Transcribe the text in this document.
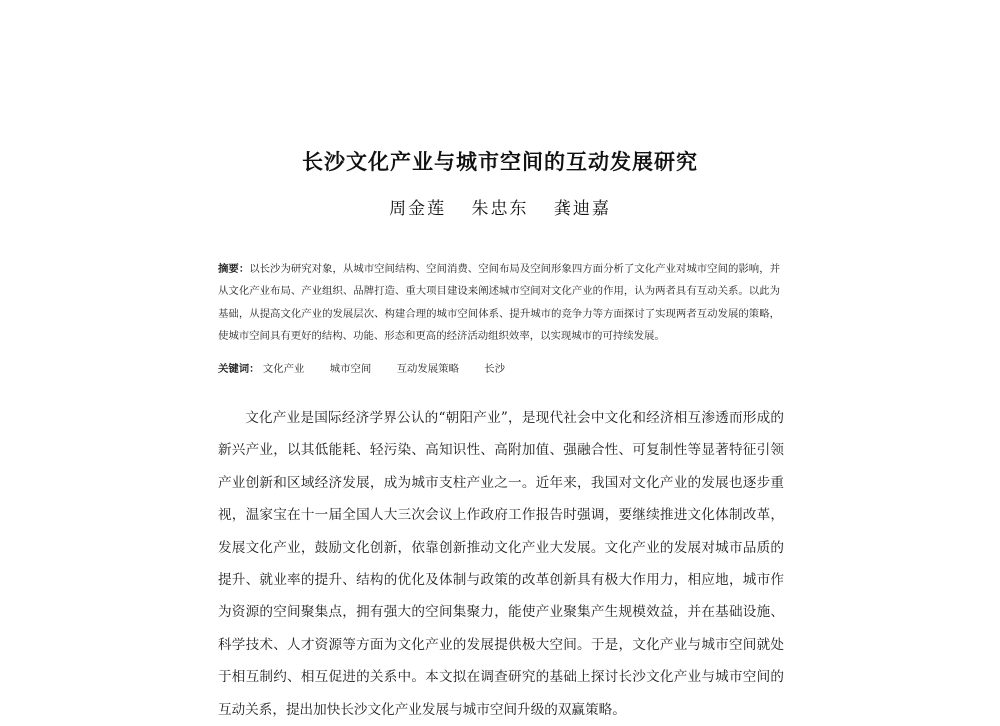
长沙文化产业与城市空间的互动发展研究
周金莲 朱忠东 龚迪嘉
摘要：以长沙为研究对象，从城市空间结构、空间消费、空间布局及空间形象四方面分析了文化产业对城市空间的影响，并从文化产业布局、产业组织、品牌打造、重大项目建设来阐述城市空间对文化产业的作用，认为两者具有互动关系。以此为基础，从提高文化产业的发展层次、构建合理的城市空间体系、提升城市的竞争力等方面探讨了实现两者互动发展的策略，使城市空间具有更好的结构、功能、形态和更高的经济活动组织效率，以实现城市的可持续发展。
关键词： 文化产业 城市空间 互动发展策略 长沙

文化产业是国际经济学界公认的“朝阳产业”，是现代社会中文化和经济相互渗透而形成的新兴产业，以其低能耗、轻污染、高知识性、高附加值、强融合性、可复制性等显著特征引领产业创新和区域经济发展，成为城市支柱产业之一。近年来，我国对文化产业的发展也逐步重视，温家宝在十一届全国人大三次会议上作政府工作报告时强调，要继续推进文化体制改革，发展文化产业，鼓励文化创新，依靠创新推动文化产业大发展。文化产业的发展对城市品质的提升、就业率的提升、结构的优化及体制与政策的改革创新具有极大作用力，相应地，城市作为资源的空间聚集点，拥有强大的空间集聚力，能使产业聚集产生规模效益，并在基础设施、科学技术、人才资源等方面为文化产业的发展提供极大空间。于是，文化产业与城市空间就处于相互制约、相互促进的关系中。本文拟在调查研究的基础上探讨长沙文化产业与城市空间的互动关系，提出加快长沙文化产业发展与城市空间升级的双赢策略。
